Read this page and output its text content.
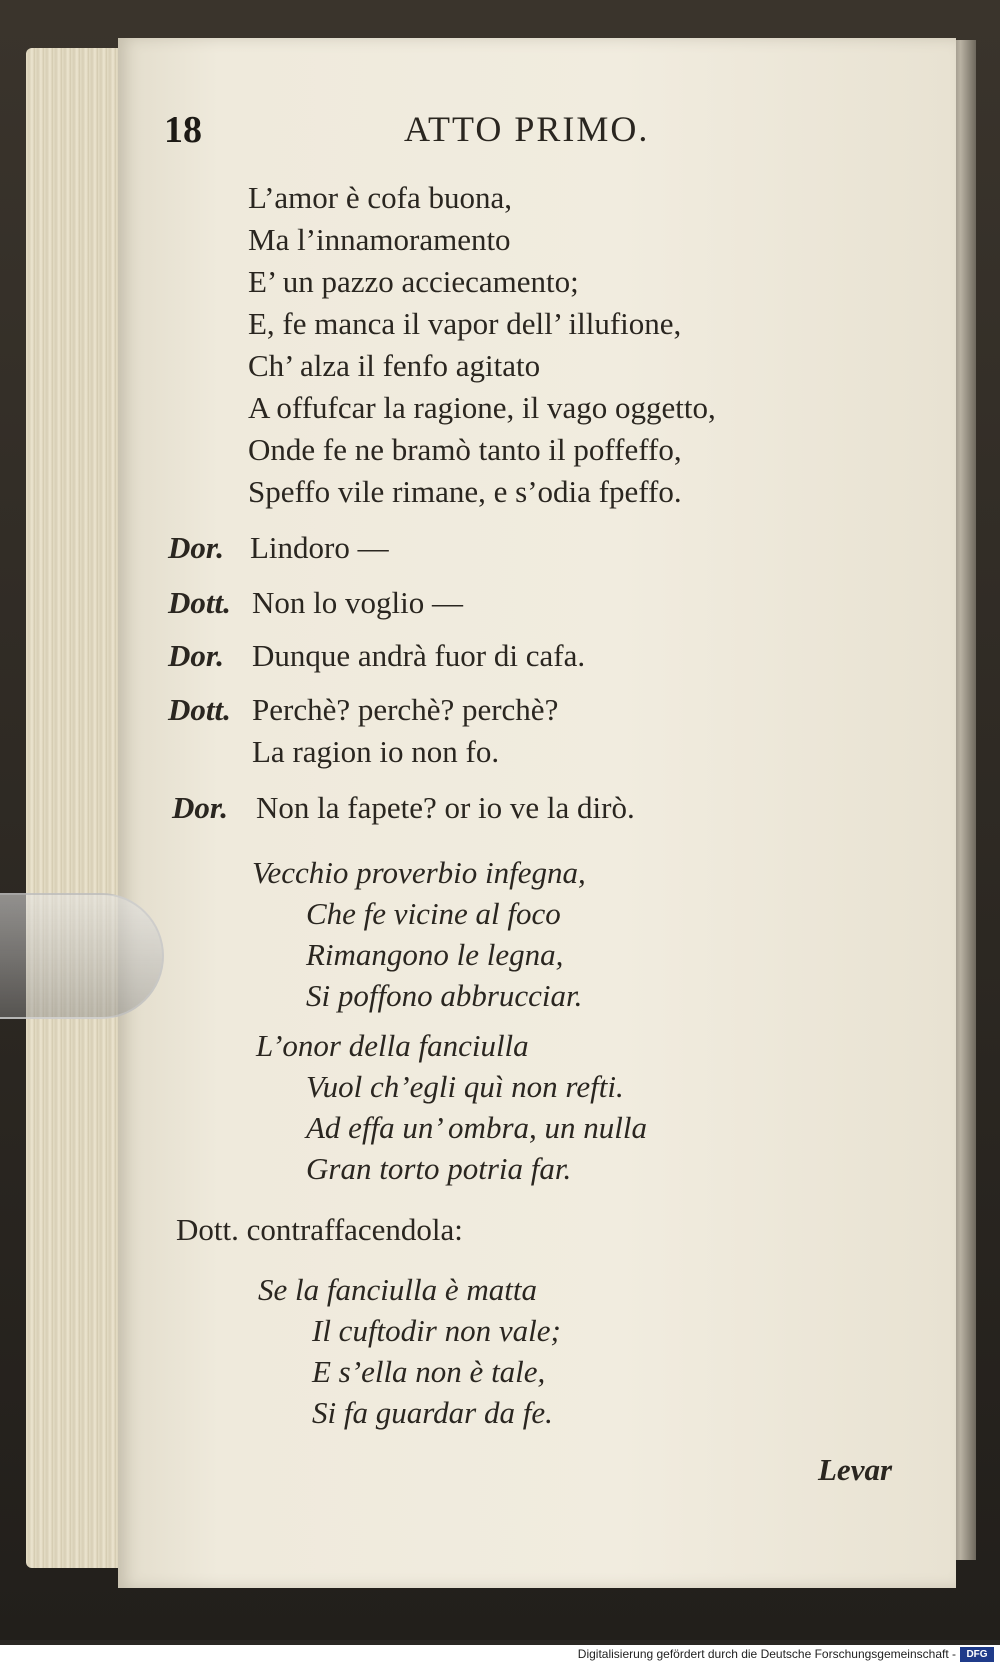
18	ATTO PRIMO.
L’amor è cofa buona,
Ma l’innamoramento
E’ un pazzo acciecamento;
E, fe manca il vapor dell’ illufione,
Ch’ alza il fenfo agitato
A offufcar la ragione, il vago oggetto,
Onde fe ne bramò tanto il poffeffo,
Speffo vile rimane, e s’odia fpeffo.
Dor. Lindoro —
Dott. Non lo voglio —
Dor. Dunque andrà fuor di cafa.
Dott. Perchè? perchè? perchè?
La ragion io non fo.
Dor. Non la fapete? or io ve la dirò.
Vecchio proverbio infegna,
Che fe vicine al foco
Rimangono le legna,
Si poffono abbrucciar.
L’onor della fanciulla
Vuol ch’egli quì non refti.
Ad effa un’ ombra, un nulla
Gran torto potria far.
Dott. contraffacendola:
Se la fanciulla è matta
Il cuftodir non vale;
E s’ella non è tale,
Si fa guardar da fe.
Levar
Digitalisierung gefördert durch die Deutsche Forschungsgemeinschaft -	DFG
